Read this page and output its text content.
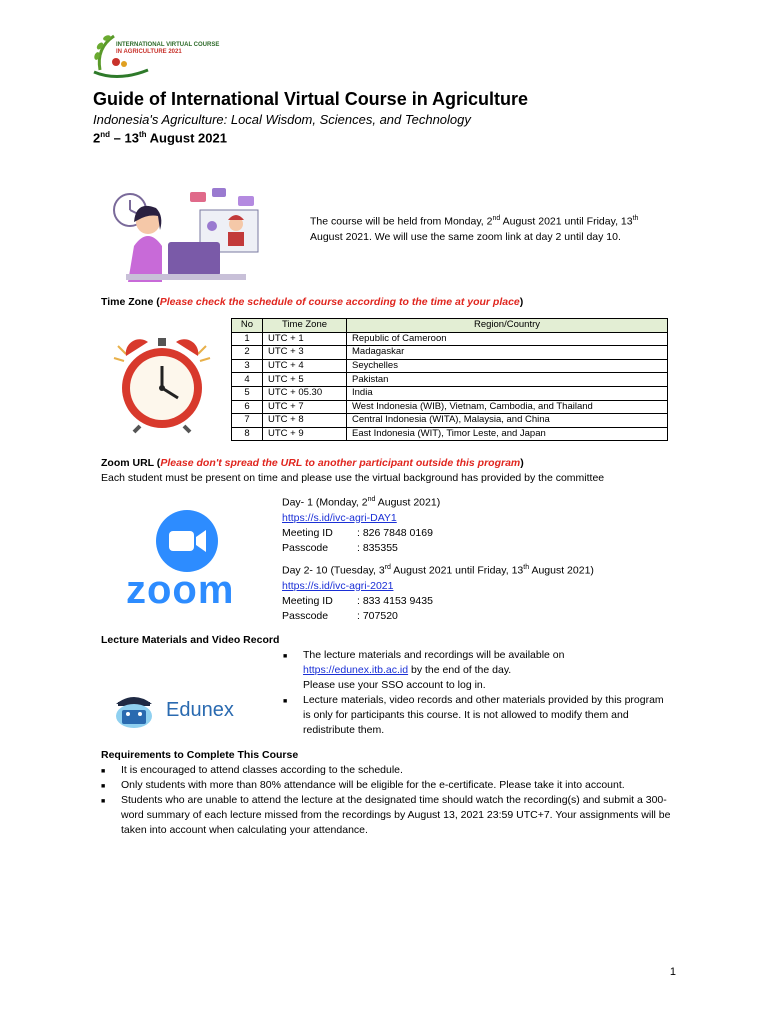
INTERNATIONAL VIRTUAL COURSE
IN AGRICULTURE 2021
Guide of International Virtual Course in Agriculture
Indonesia's Agriculture: Local Wisdom, Sciences, and Technology
2nd – 13th August 2021
The course will be held from Monday, 2nd August 2021 until Friday, 13th August 2021. We will use the same zoom link at day 2 until day 10.
Time Zone (Please check the schedule of course according to the time at your place)
No	Time Zone	Region/Country
1	UTC + 1	Republic of Cameroon
2	UTC + 3	Madagaskar
3	UTC + 4	Seychelles
4	UTC + 5	Pakistan
5	UTC + 05.30	India
6	UTC + 7	West Indonesia (WIB), Vietnam, Cambodia, and Thailand
7	UTC + 8	Central Indonesia (WITA), Malaysia, and China
8	UTC + 9	East Indonesia (WIT), Timor Leste, and Japan
Zoom URL (Please don't spread the URL to another participant outside this program)
Each student must be present on time and please use the virtual background has provided by the committee
zoom
Day- 1 (Monday, 2nd August 2021)
https://s.id/ivc-agri-DAY1
Meeting ID	: 826 7848 0169
Passcode	: 835355
Day 2- 10 (Tuesday, 3rd August 2021 until Friday, 13th August 2021)
https://s.id/ivc-agri-2021
Meeting ID	: 833 4153 9435
Passcode	: 707520
Lecture Materials and Video Record
Edunex
■ The lecture materials and recordings will be available on
https://edunex.itb.ac.id by the end of the day.
Please use your SSO account to log in.
■ Lecture materials, video records and other materials provided by this program is only for participants this course. It is not allowed to modify them and redistribute them.
Requirements to Complete This Course
■ It is encouraged to attend classes according to the schedule.
■ Only students with more than 80% attendance will be eligible for the e-certificate. Please take it into account.
■ Students who are unable to attend the lecture at the designated time should watch the recording(s) and submit a 300-word summary of each lecture missed from the recordings by August 13, 2021 23:59 UTC+7. Your assignments will be taken into account when calculating your attendance.
1
